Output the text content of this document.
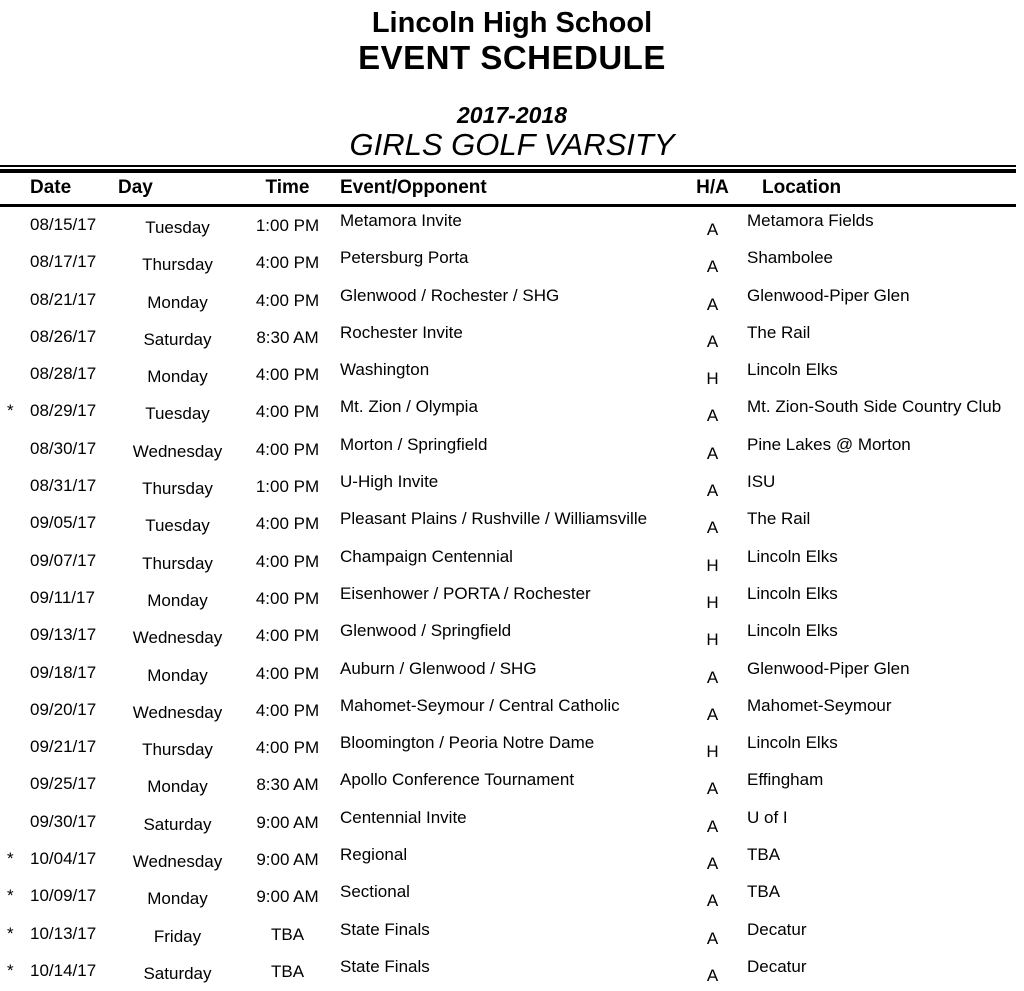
Lincoln High School
EVENT SCHEDULE
2017-2018
GIRLS GOLF VARSITY
Date	Day	Time	Event/Opponent	H/A	Location
08/15/17	Tuesday	1:00 PM	Metamora Invite	A	Metamora Fields
08/17/17	Thursday	4:00 PM	Petersburg Porta	A	Shambolee
08/21/17	Monday	4:00 PM	Glenwood / Rochester / SHG	A	Glenwood-Piper Glen
08/26/17	Saturday	8:30 AM	Rochester Invite	A	The Rail
08/28/17	Monday	4:00 PM	Washington	H	Lincoln Elks
* 08/29/17	Tuesday	4:00 PM	Mt. Zion / Olympia	A	Mt. Zion-South Side Country Club
08/30/17	Wednesday	4:00 PM	Morton / Springfield	A	Pine Lakes @ Morton
08/31/17	Thursday	1:00 PM	U-High Invite	A	ISU
09/05/17	Tuesday	4:00 PM	Pleasant Plains / Rushville / Williamsville	A	The Rail
09/07/17	Thursday	4:00 PM	Champaign Centennial	H	Lincoln Elks
09/11/17	Monday	4:00 PM	Eisenhower / PORTA / Rochester	H	Lincoln Elks
09/13/17	Wednesday	4:00 PM	Glenwood / Springfield	H	Lincoln Elks
09/18/17	Monday	4:00 PM	Auburn / Glenwood / SHG	A	Glenwood-Piper Glen
09/20/17	Wednesday	4:00 PM	Mahomet-Seymour / Central Catholic	A	Mahomet-Seymour
09/21/17	Thursday	4:00 PM	Bloomington / Peoria Notre Dame	H	Lincoln Elks
09/25/17	Monday	8:30 AM	Apollo Conference Tournament	A	Effingham
09/30/17	Saturday	9:00 AM	Centennial Invite	A	U of I
* 10/04/17	Wednesday	9:00 AM	Regional	A	TBA
* 10/09/17	Monday	9:00 AM	Sectional	A	TBA
* 10/13/17	Friday	TBA	State Finals	A	Decatur
* 10/14/17	Saturday	TBA	State Finals	A	Decatur
